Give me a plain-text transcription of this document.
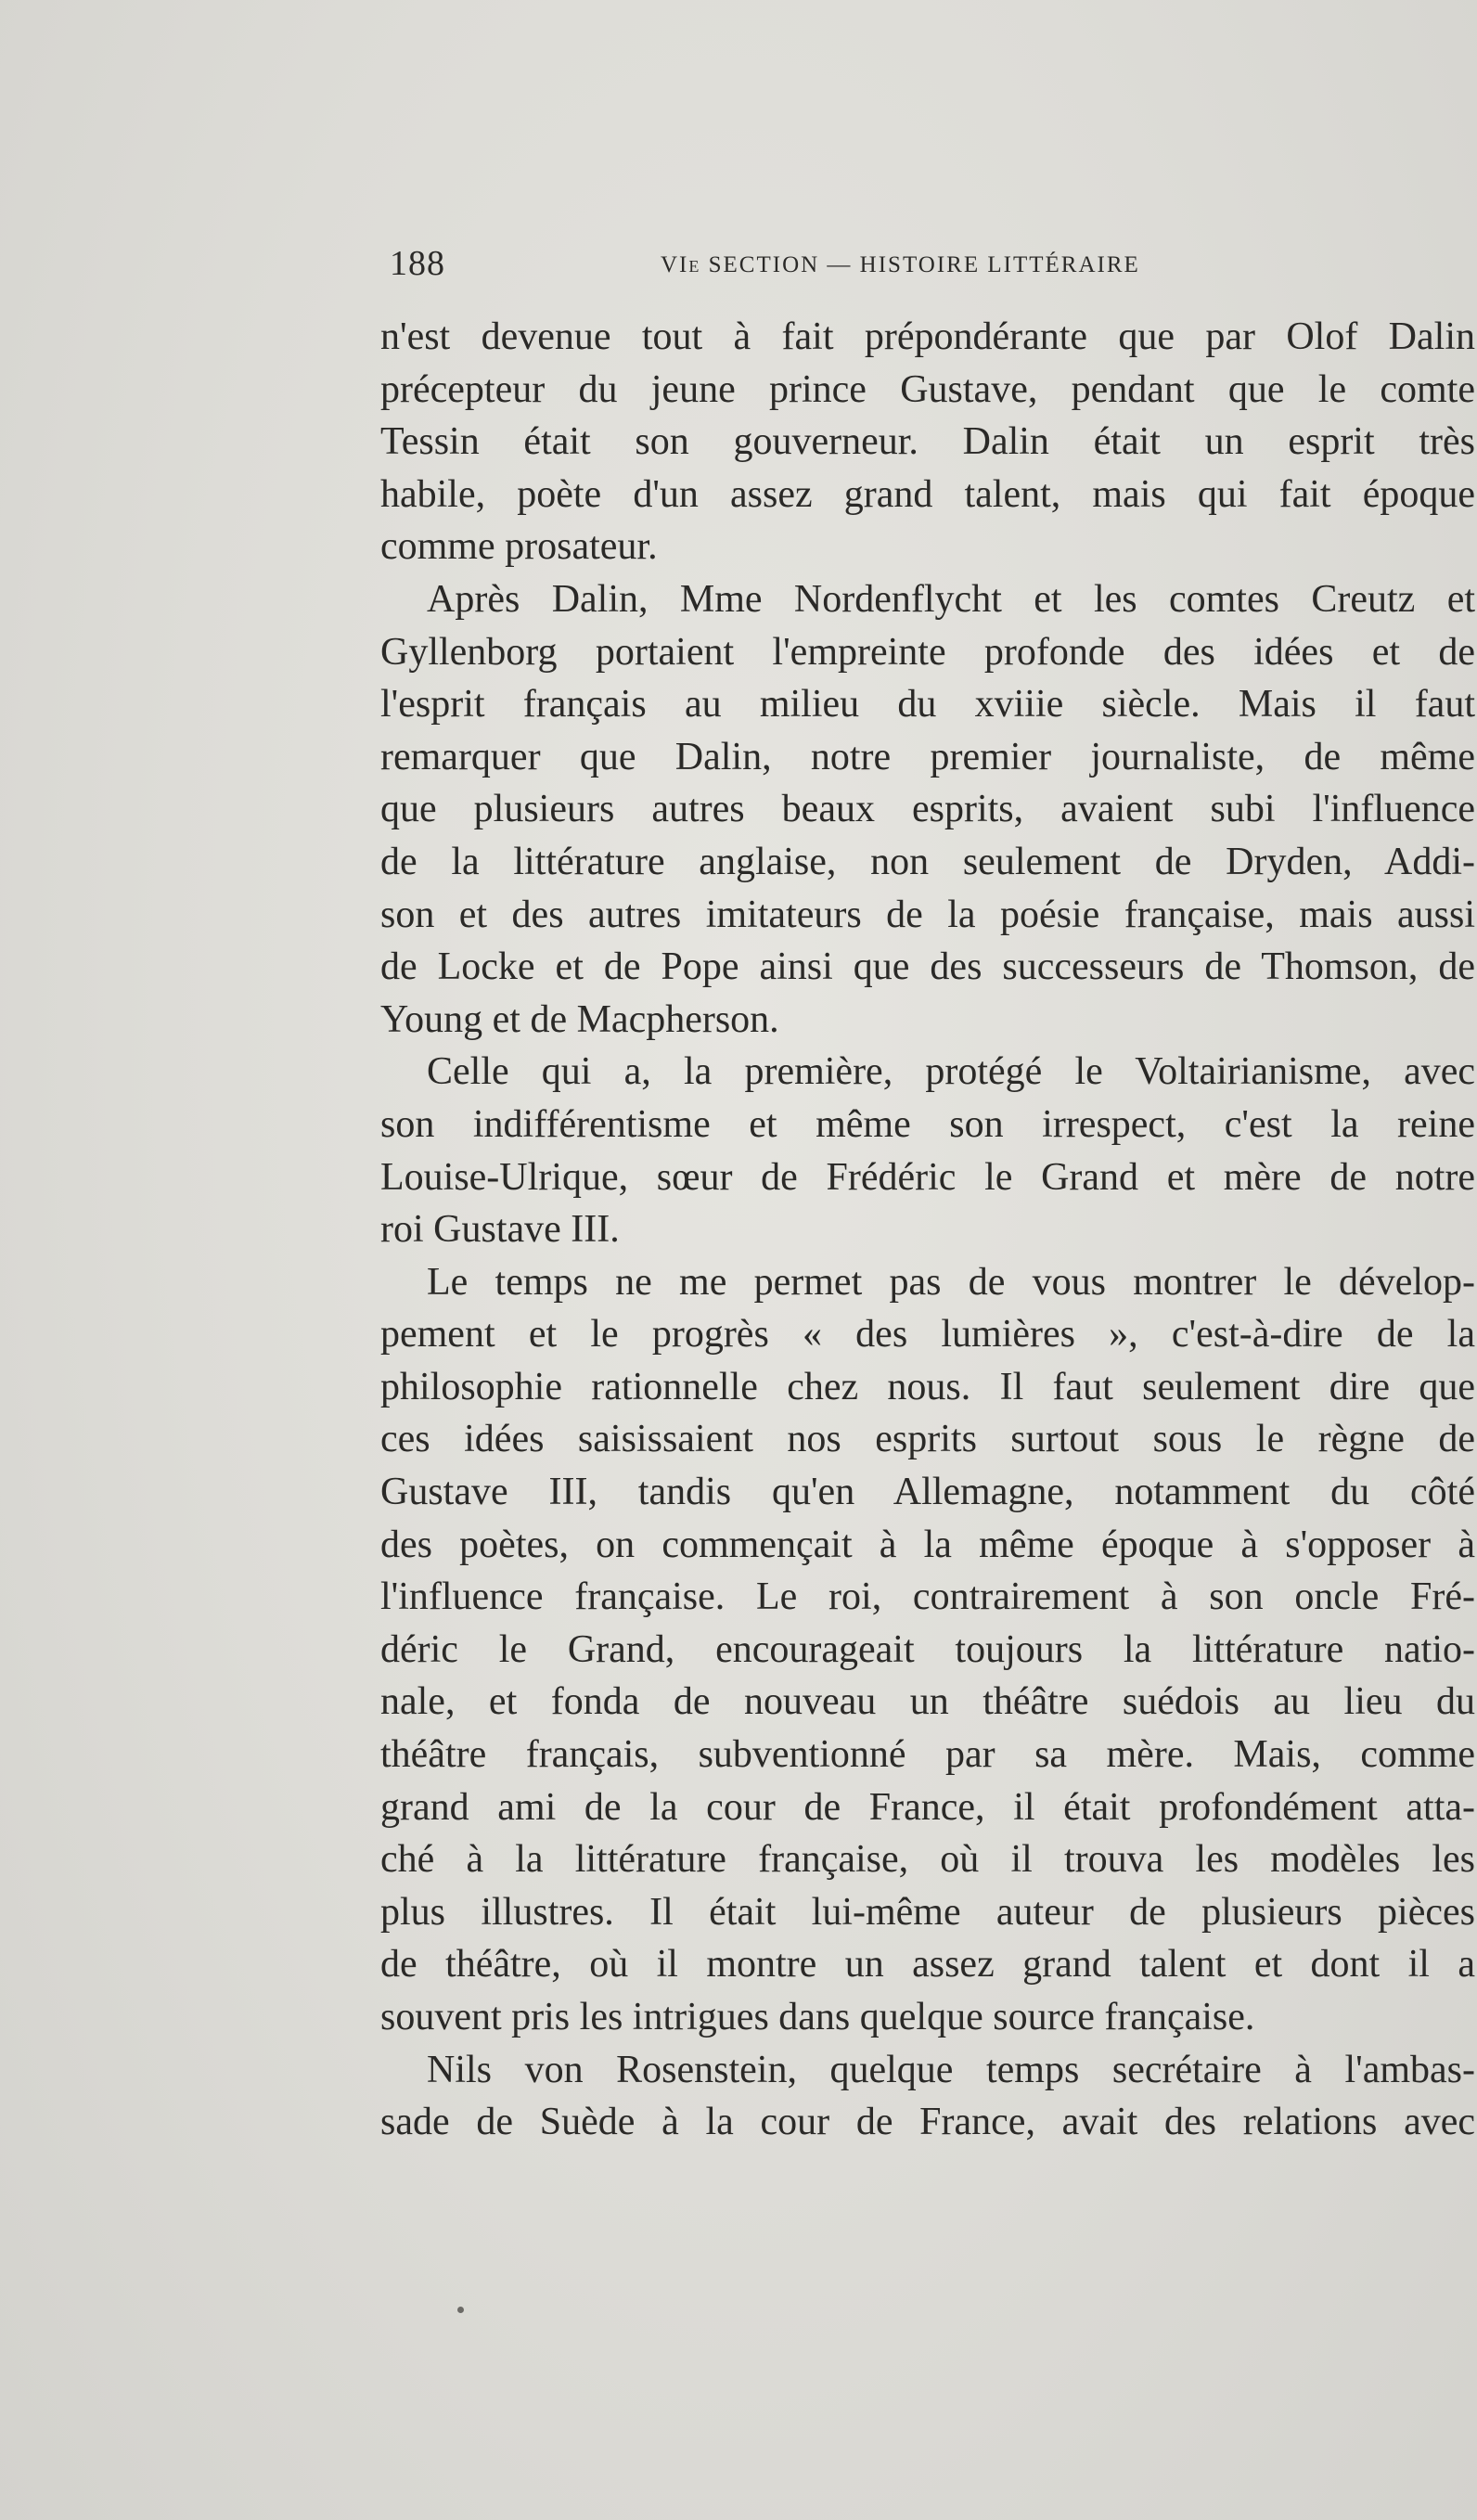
188	VIe SECTION — HISTOIRE LITTÉRAIRE

n'est devenue tout à fait prépondérante que par Olof Dalin
précepteur du jeune prince Gustave, pendant que le comte
Tessin était son gouverneur. Dalin était un esprit très
habile, poète d'un assez grand talent, mais qui fait époque
comme prosateur.

Après Dalin, Mme Nordenflycht et les comtes Creutz et
Gyllenborg portaient l'empreinte profonde des idées et de
l'esprit français au milieu du xviiie siècle. Mais il faut
remarquer que Dalin, notre premier journaliste, de même
que plusieurs autres beaux esprits, avaient subi l'influence
de la littérature anglaise, non seulement de Dryden, Addi-
son et des autres imitateurs de la poésie française, mais aussi
de Locke et de Pope ainsi que des successeurs de Thomson, de
Young et de Macpherson.

Celle qui a, la première, protégé le Voltairianisme, avec
son indifférentisme et même son irrespect, c'est la reine
Louise-Ulrique, sœur de Frédéric le Grand et mère de notre
roi Gustave III.

Le temps ne me permet pas de vous montrer le dévelop-
pement et le progrès « des lumières », c'est-à-dire de la
philosophie rationnelle chez nous. Il faut seulement dire que
ces idées saisissaient nos esprits surtout sous le règne de
Gustave III, tandis qu'en Allemagne, notamment du côté
des poètes, on commençait à la même époque à s'opposer à
l'influence française. Le roi, contrairement à son oncle Fré-
déric le Grand, encourageait toujours la littérature natio-
nale, et fonda de nouveau un théâtre suédois au lieu du
théâtre français, subventionné par sa mère. Mais, comme
grand ami de la cour de France, il était profondément atta-
ché à la littérature française, où il trouva les modèles les
plus illustres. Il était lui-même auteur de plusieurs pièces
de théâtre, où il montre un assez grand talent et dont il a
souvent pris les intrigues dans quelque source française.

Nils von Rosenstein, quelque temps secrétaire à l'ambas-
sade de Suède à la cour de France, avait des relations avec
